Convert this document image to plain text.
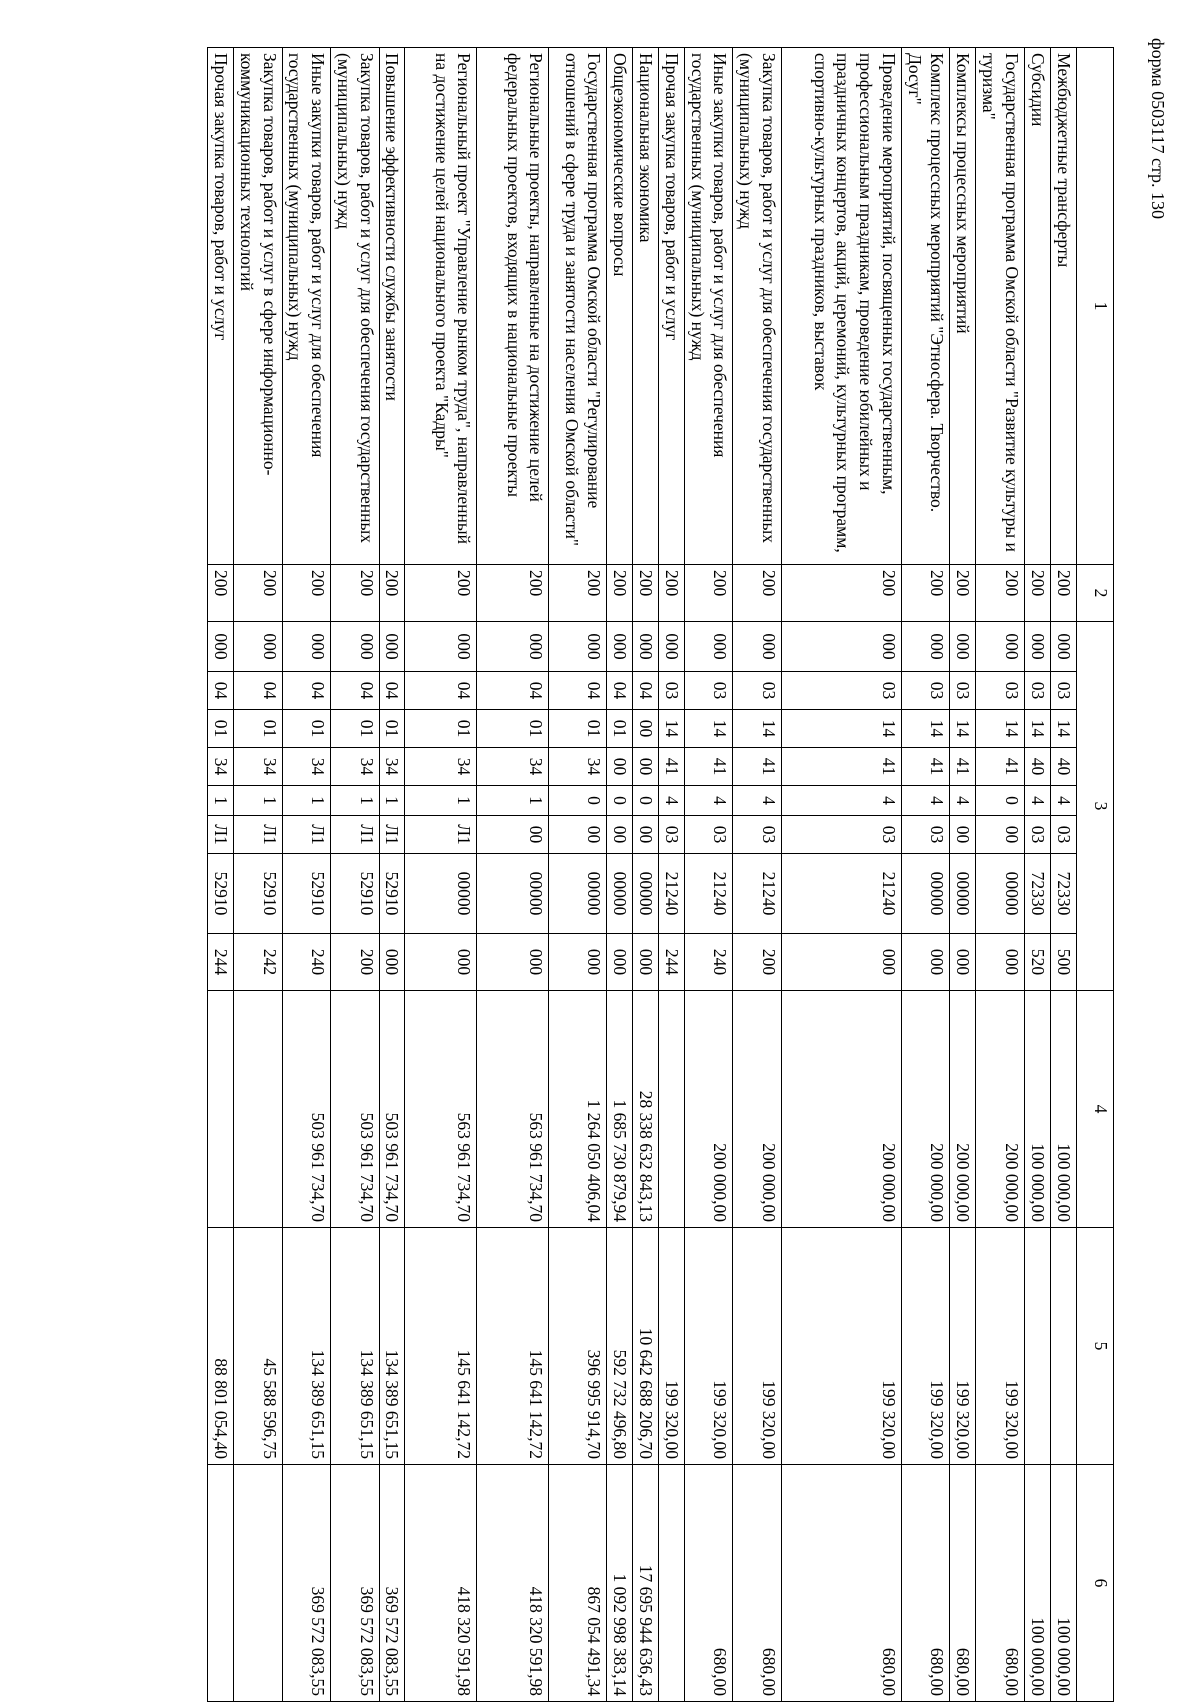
форма 0503117 стр. 130
1	2	3								4	5	6
Межбюджетные трансферты	200	000	03	14	40	4	03	72330	500	100 000,00		100 000,00
Субсидии	200	000	03	14	40	4	03	72330	520	100 000,00		100 000,00
Государственная программа Омской области "Развитие культуры и туризма"	200	000	03	14	41	0	00	00000	000	200 000,00	199 320,00	680,00
Комплексы процессных мероприятий	200	000	03	14	41	4	00	00000	000	200 000,00	199 320,00	680,00
Комплекс процессных мероприятий "Этносфера. Творчество. Досуг"	200	000	03	14	41	4	03	00000	000	200 000,00	199 320,00	680,00
Проведение мероприятий, посвященных государственным, профессиональным праздникам, проведение юбилейных и праздничных концертов, акций, церемоний, культурных программ, спортивно-культурных праздников, выставок	200	000	03	14	41	4	03	21240	000	200 000,00	199 320,00	680,00
Закупка товаров, работ и услуг для обеспечения государственных (муниципальных) нужд	200	000	03	14	41	4	03	21240	200	200 000,00	199 320,00	680,00
Иные закупки товаров, работ и услуг для обеспечения государственных (муниципальных) нужд	200	000	03	14	41	4	03	21240	240	200 000,00	199 320,00	680,00
Прочая закупка товаров, работ и услуг	200	000	03	14	41	4	03	21240	244		199 320,00	
Национальная экономика	200	000	04	00	00	0	00	00000	000	28 338 632 843,13	10 642 688 206,70	17 695 944 636,43
Общеэкономические вопросы	200	000	04	01	00	0	00	00000	000	1 685 730 879,94	592 732 496,80	1 092 998 383,14
Государственная программа Омской области "Регулирование отношений в сфере труда и занятости населения Омской области"	200	000	04	01	34	0	00	00000	000	1 264 050 406,04	396 995 914,70	867 054 491,34
Региональные проекты, направленные на достижение целей федеральных проектов, входящих в национальные проекты	200	000	04	01	34	1	00	00000	000	563 961 734,70	145 641 142,72	418 320 591,98
Региональный проект "Управление рынком труда", направленный на достижение целей национального проекта "Кадры"	200	000	04	01	34	1	Л1	00000	000	563 961 734,70	145 641 142,72	418 320 591,98
Повышение эффективности службы занятости	200	000	04	01	34	1	Л1	52910	000	503 961 734,70	134 389 651,15	369 572 083,55
Закупка товаров, работ и услуг для обеспечения государственных (муниципальных) нужд	200	000	04	01	34	1	Л1	52910	200	503 961 734,70	134 389 651,15	369 572 083,55
Иные закупки товаров, работ и услуг для обеспечения государственных (муниципальных) нужд	200	000	04	01	34	1	Л1	52910	240	503 961 734,70	134 389 651,15	369 572 083,55
Закупка товаров, работ и услуг в сфере информационно-коммуникационных технологий	200	000	04	01	34	1	Л1	52910	242		45 588 596,75	
Прочая закупка товаров, работ и услуг	200	000	04	01	34	1	Л1	52910	244		88 801 054,40	
